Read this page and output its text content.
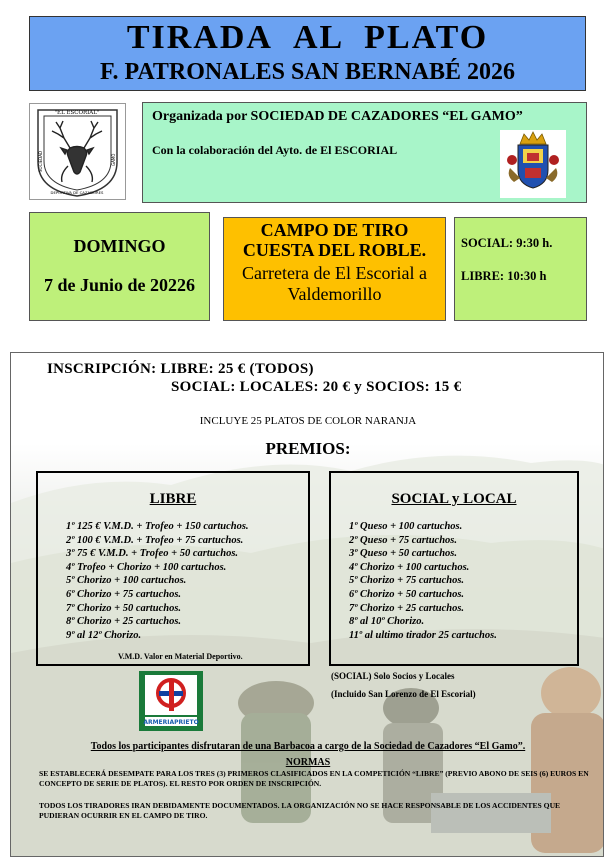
TIRADA AL PLATO
F. PATRONALES SAN BERNABÉ 2026
"EL ESCORIAL"
SOCIEDAD
DEPORTIVA DE CAZADORES
GAMO
Organizada por SOCIEDAD DE CAZADORES “EL GAMO”
Con la colaboración del Ayto. de El ESCORIAL
DOMINGO
7 de Junio de 20226
CAMPO DE TIRO
CUESTA DEL ROBLE.
Carretera de El Escorial a Valdemorillo
SOCIAL: 9:30 h.
LIBRE: 10:30 h
INSCRIPCIÓN: LIBRE: 25 € (TODOS)
SOCIAL: LOCALES: 20 € y SOCIOS: 15 €
INCLUYE 25 PLATOS DE COLOR NARANJA
PREMIOS:
LIBRE
1º 125 € V.M.D. + Trofeo + 150 cartuchos.
2º 100 € V.M.D. + Trofeo + 75 cartuchos.
3º 75 € V.M.D. + Trofeo + 50 cartuchos.
4º Trofeo + Chorizo + 100 cartuchos.
5º Chorizo + 100 cartuchos.
6º Chorizo + 75 cartuchos.
7º Chorizo + 50 cartuchos.
8º Chorizo + 25 cartuchos.
9º al 12º Chorizo.
V.M.D. Valor en Material Deportivo.
SOCIAL y LOCAL
1º Queso + 100 cartuchos.
2º Queso + 75 cartuchos.
3º Queso + 50 cartuchos.
4º Chorizo + 100 cartuchos.
5º Chorizo + 75 cartuchos.
6º Chorizo + 50 cartuchos.
7º Chorizo + 25 cartuchos.
8º al 10º Chorizo.
11º al ultimo tirador 25 cartuchos.
(SOCIAL) Solo Socios y Locales
(Incluido San Lorenzo de El Escorial)
ARMERIAPRIETO
Todos los participantes disfrutaran de una Barbacoa a cargo de la Sociedad de Cazadores “El Gamo”.
NORMAS
SE ESTABLECERÁ DESEMPATE PARA LOS TRES (3) PRIMEROS CLASIFICADOS EN LA COMPETICIÓN “LIBRE” (PREVIO ABONO DE SEIS (6) EUROS EN CONCEPTO DE SERIE DE PLATOS). EL RESTO POR ORDEN DE INSCRIPCIÓN.
TODOS LOS TIRADORES IRAN DEBIDAMENTE DOCUMENTADOS. LA ORGANIZACIÓN NO SE HACE RESPONSABLE DE LOS ACCIDENTES QUE PUDIERAN OCURRIR EN EL CAMPO DE TIRO.
